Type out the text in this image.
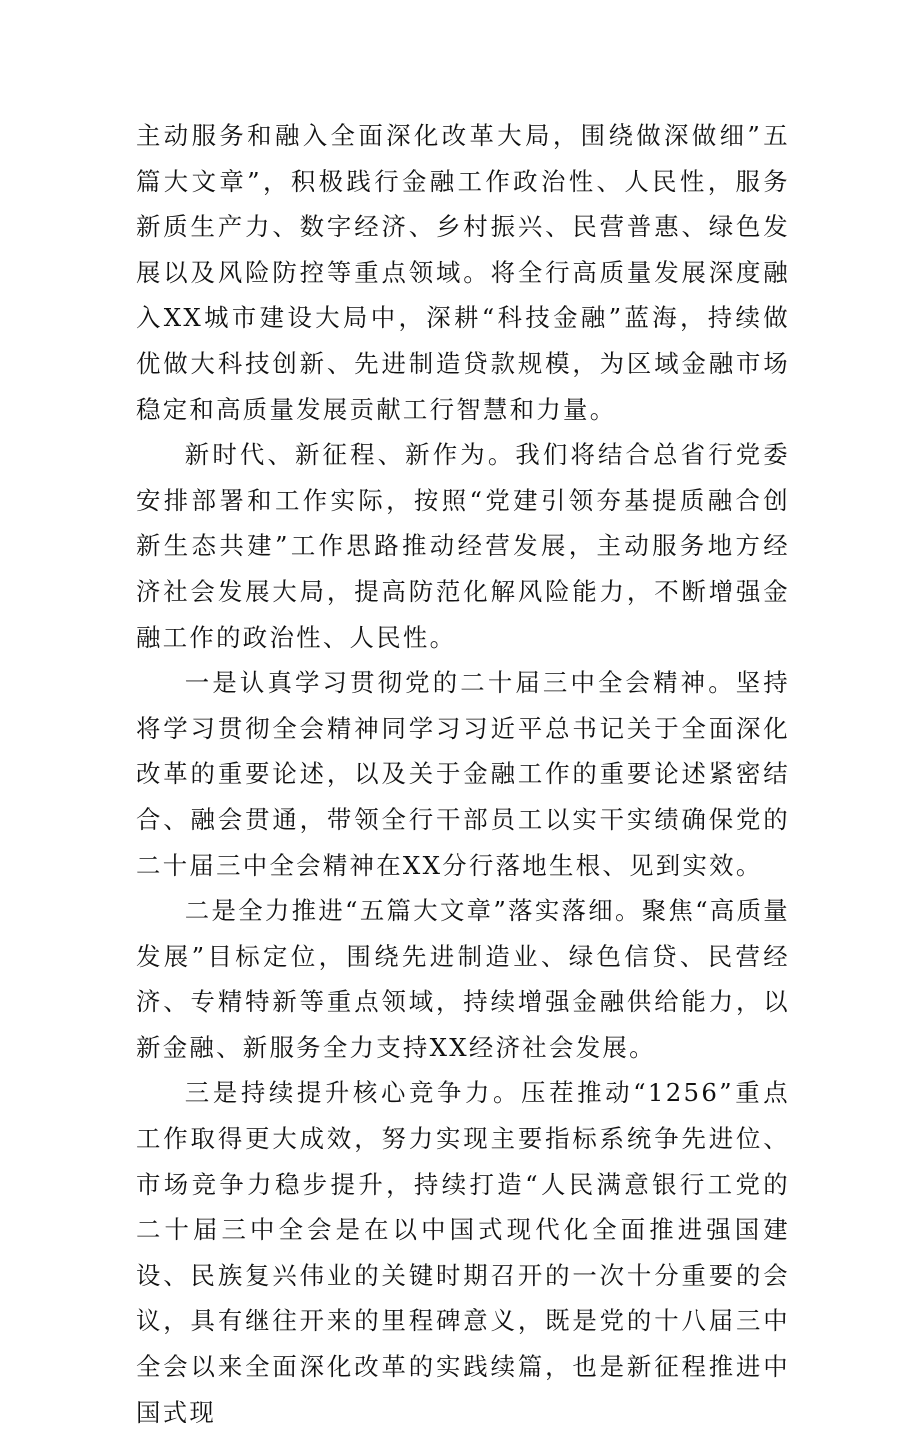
主动服务和融入全面深化改革大局，围绕做深做细”五篇大文章”，积极践行金融工作政治性、人民性，服务新质生产力、数字经济、乡村振兴、民营普惠、绿色发展以及风险防控等重点领域。将全行高质量发展深度融入XX城市建设大局中，深耕“科技金融”蓝海，持续做优做大科技创新、先进制造贷款规模，为区域金融市场稳定和高质量发展贡献工行智慧和力量。

新时代、新征程、新作为。我们将结合总省行党委安排部署和工作实际，按照“党建引领夯基提质融合创新生态共建”工作思路推动经营发展，主动服务地方经济社会发展大局，提高防范化解风险能力，不断增强金融工作的政治性、人民性。

一是认真学习贯彻党的二十届三中全会精神。坚持将学习贯彻全会精神同学习习近平总书记关于全面深化改革的重要论述，以及关于金融工作的重要论述紧密结合、融会贯通，带领全行干部员工以实干实绩确保党的二十届三中全会精神在XX分行落地生根、见到实效。

二是全力推进“五篇大文章”落实落细。聚焦“高质量发展”目标定位，围绕先进制造业、绿色信贷、民营经济、专精特新等重点领域，持续增强金融供给能力，以新金融、新服务全力支持XX经济社会发展。

三是持续提升核心竞争力。压茬推动“1256”重点工作取得更大成效，努力实现主要指标系统争先进位、市场竞争力稳步提升，持续打造“人民满意银行工党的二十届三中全会是在以中国式现代化全面推进强国建设、民族复兴伟业的关键时期召开的一次十分重要的会议，具有继往开来的里程碑意义，既是党的十八届三中全会以来全面深化改革的实践续篇，也是新征程推进中国式现
